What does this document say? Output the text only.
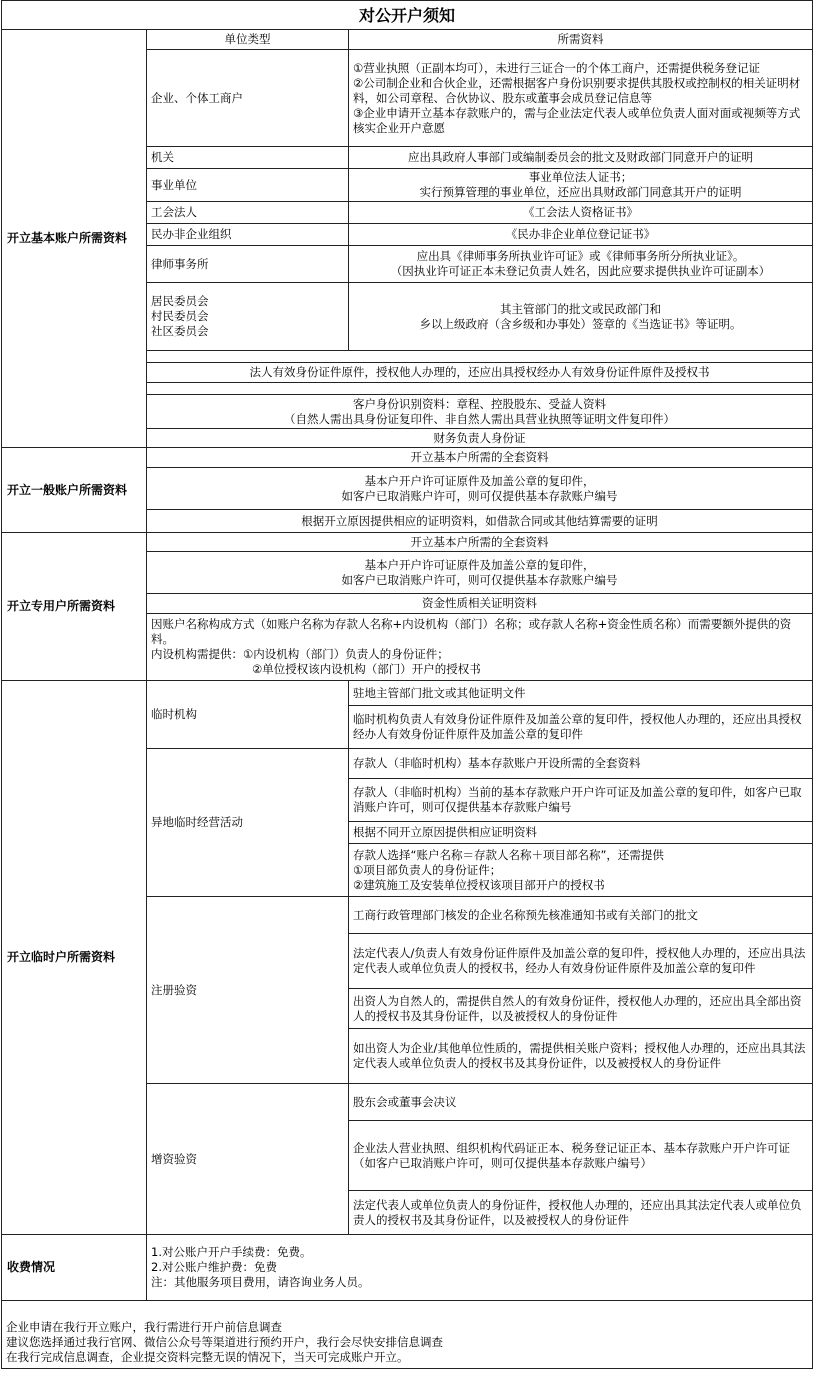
对公开户须知		
开立基本账户所需资料	单位类型	所需资料
	企业、个体工商户	①营业执照（正副本均可），未进行三证合一的个体工商户，还需提供税务登记证
②公司制企业和合伙企业，还需根据客户身份识别要求提供其股权或控制权的相关证明材料，如公司章程、合伙协议、股东或董事会成员登记信息等
③企业申请开立基本存款账户的，需与企业法定代表人或单位负责人面对面或视频等方式核实企业开户意愿
	机关	应出具政府人事部门或编制委员会的批文及财政部门同意开户的证明
	事业单位	事业单位法人证书；
实行预算管理的事业单位，还应出具财政部门同意其开户的证明
	工会法人	《工会法人资格证书》
	民办非企业组织	《民办非企业单位登记证书》
	律师事务所	应出具《律师事务所执业许可证》或《律师事务所分所执业证》。
（因执业许可证正本未登记负责人姓名，因此应要求提供执业许可证副本）
	居民委员会
村民委员会
社区委员会	其主管部门的批文或民政部门和
乡以上级政府（含乡级和办事处）签章的《当选证书》等证明。

	法人有效身份证件原件，授权他人办理的，还应出具授权经办人有效身份证件原件及授权书	

	客户身份识别资料：章程、控股股东、受益人资料
（自然人需出具身份证复印件、非自然人需出具营业执照等证明文件复印件）	
	财务负责人身份证	
开立一般账户所需资料	开立基本户所需的全套资料	
	基本户开户许可证原件及加盖公章的复印件，
如客户已取消账户许可，则可仅提供基本存款账户编号	
	根据开立原因提供相应的证明资料，如借款合同或其他结算需要的证明	
开立专用户所需资料	开立基本户所需的全套资料	
	基本户开户许可证原件及加盖公章的复印件，
如客户已取消账户许可，则可仅提供基本存款账户编号	
	资金性质相关证明资料	

	因账户名称构成方式（如账户名称为存款人名称+内设机构（部门）名称；或存款人名称+资金性质名称）而需要额外提供的资料。
内设机构需提供：①内设机构（部门）负责人的身份证件；
②单位授权该内设机构（部门）开户的授权书	

开立临时户所需资料	临时机构	驻地主管部门批文或其他证明文件
		临时机构负责人有效身份证件原件及加盖公章的复印件，授权他人办理的，还应出具授权经办人有效身份证件原件及加盖公章的复印件
	异地临时经营活动	存款人（非临时机构）基本存款账户开设所需的全套资料
		存款人（非临时机构）当前的基本存款账户开户许可证及加盖公章的复印件，如客户已取消账户许可，则可仅提供基本存款账户编号
		根据不同开立原因提供相应证明资料
		存款人选择“账户名称＝存款人名称＋项目部名称”，还需提供
①项目部负责人的身份证件；
②建筑施工及安装单位授权该项目部开户的授权书
	注册验资	工商行政管理部门核发的企业名称预先核准通知书或有关部门的批文
		法定代表人/负责人有效身份证件原件及加盖公章的复印件，授权他人办理的，还应出具法定代表人或单位负责人的授权书，经办人有效身份证件原件及加盖公章的复印件
		出资人为自然人的，需提供自然人的有效身份证件，授权他人办理的，还应出具全部出资人的授权书及其身份证件，以及被授权人的身份证件
		如出资人为企业/其他单位性质的，需提供相关账户资料；授权他人办理的，还应出具其法定代表人或单位负责人的授权书及其身份证件，以及被授权人的身份证件
	增资验资	股东会或董事会决议
		企业法人营业执照、组织机构代码证正本、税务登记证正本、基本存款账户开户许可证（如客户已取消账户许可，则可仅提供基本存款账户编号）
		法定代表人或单位负责人的身份证件，授权他人办理的，还应出具其法定代表人或单位负责人的授权书及其身份证件，以及被授权人的身份证件
收费情况	1.对公账户开户手续费：免费。
2.对公账户维护费：免费
注：其他服务项目费用，请咨询业务人员。	

企业申请在我行开立账户，我行需进行开户前信息调查
建议您选择通过我行官网、微信公众号等渠道进行预约开户，我行会尽快安排信息调查
在我行完成信息调查，企业提交资料完整无误的情况下，当天可完成账户开立。		
